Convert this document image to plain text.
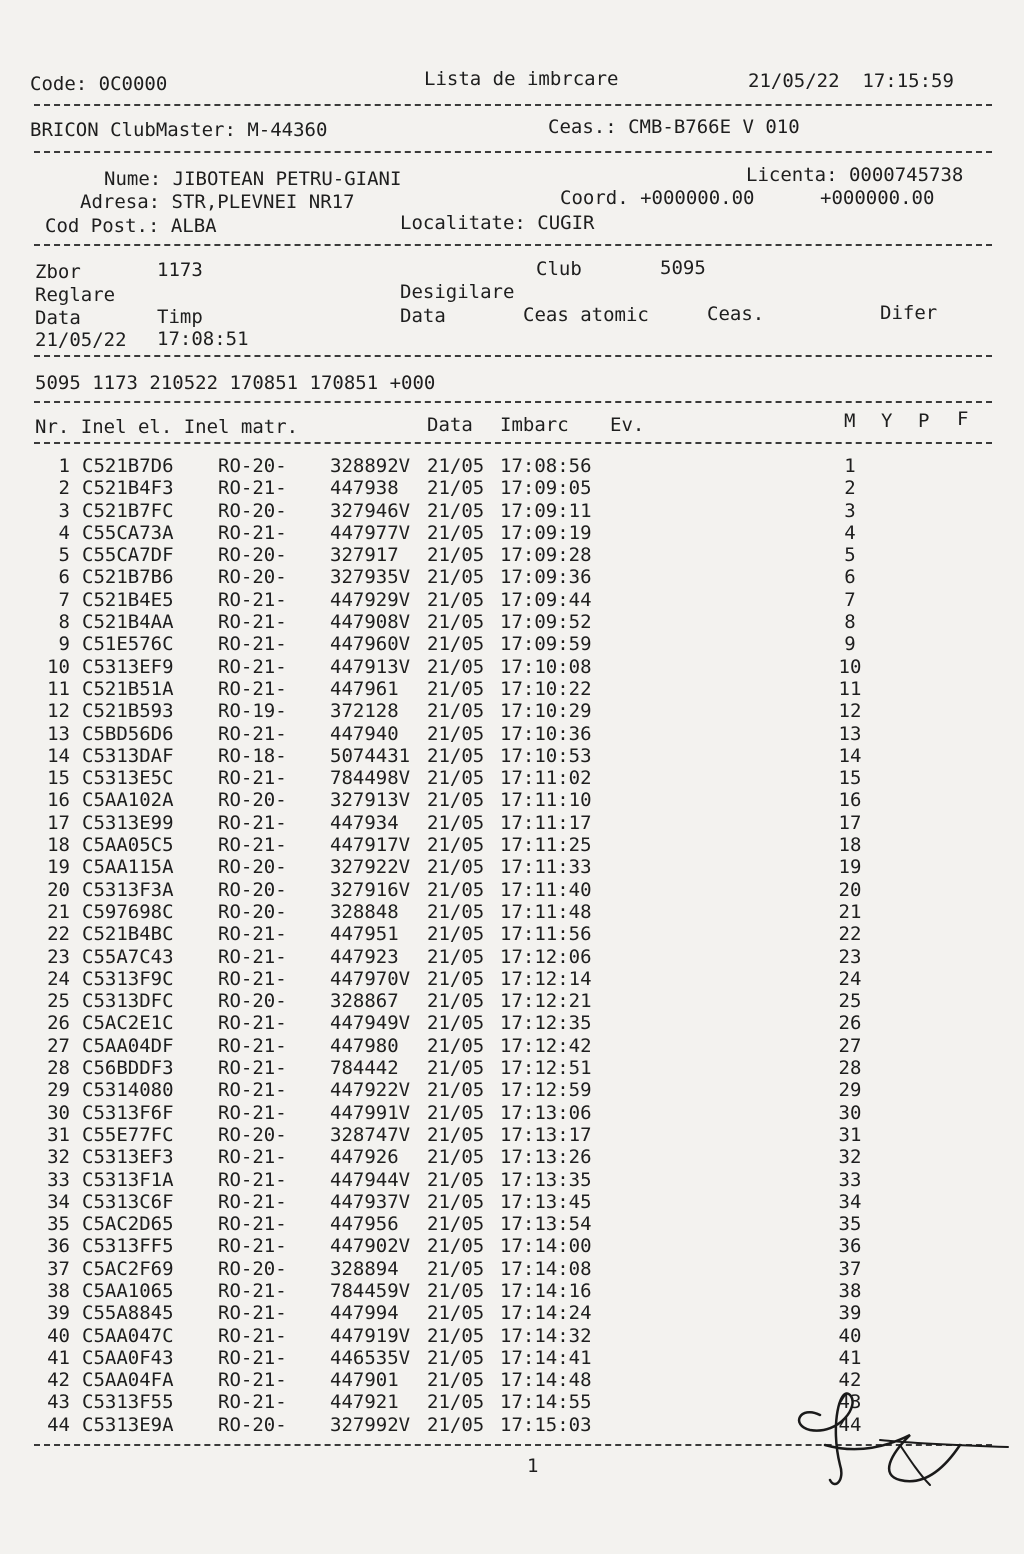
Code: 0C0000	Lista de imbrcare	21/05/22  17:15:59
BRICON ClubMaster: M-44360	Ceas.: CMB-B766E V 010
Nume: JIBOTEAN PETRU-GIANI	Licenta: 0000745738
Adresa: STR,PLEVNEI NR17	Coord. +000000.00	+000000.00
Cod Post.: ALBA	Localitate: CUGIR
Zbor	1173	Club	5095
Reglare	Desigilare
Data	Timp	Data	Ceas atomic	Ceas.	Difer
21/05/22 17:08:51
5095 1173 210522 170851 170851 +000
Nr. Inel el. Inel matr.	Data Imbarc Ev.	M Y P F
1 C521B7D6 RO-20- 328892V 21/05 17:08:56	1
2 C521B4F3 RO-21- 447938 21/05 17:09:05	2
3 C521B7FC RO-20- 327946V 21/05 17:09:11	3
4 C55CA73A RO-21- 447977V 21/05 17:09:19	4
5 C55CA7DF RO-20- 327917 21/05 17:09:28	5
6 C521B7B6 RO-20- 327935V 21/05 17:09:36	6
7 C521B4E5 RO-21- 447929V 21/05 17:09:44	7
8 C521B4AA RO-21- 447908V 21/05 17:09:52	8
9 C51E576C RO-21- 447960V 21/05 17:09:59	9
10 C5313EF9 RO-21- 447913V 21/05 17:10:08	10
11 C521B51A RO-21- 447961 21/05 17:10:22	11
12 C521B593 RO-19- 372128 21/05 17:10:29	12
13 C5BD56D6 RO-21- 447940 21/05 17:10:36	13
14 C5313DAF RO-18- 5074431 21/05 17:10:53	14
15 C5313E5C RO-21- 784498V 21/05 17:11:02	15
16 C5AA102A RO-20- 327913V 21/05 17:11:10	16
17 C5313E99 RO-21- 447934 21/05 17:11:17	17
18 C5AA05C5 RO-21- 447917V 21/05 17:11:25	18
19 C5AA115A RO-20- 327922V 21/05 17:11:33	19
20 C5313F3A RO-20- 327916V 21/05 17:11:40	20
21 C597698C RO-20- 328848 21/05 17:11:48	21
22 C521B4BC RO-21- 447951 21/05 17:11:56	22
23 C55A7C43 RO-21- 447923 21/05 17:12:06	23
24 C5313F9C RO-21- 447970V 21/05 17:12:14	24
25 C5313DFC RO-20- 328867 21/05 17:12:21	25
26 C5AC2E1C RO-21- 447949V 21/05 17:12:35	26
27 C5AA04DF RO-21- 447980 21/05 17:12:42	27
28 C56BDDF3 RO-21- 784442 21/05 17:12:51	28
29 C5314080 RO-21- 447922V 21/05 17:12:59	29
30 C5313F6F RO-21- 447991V 21/05 17:13:06	30
31 C55E77FC RO-20- 328747V 21/05 17:13:17	31
32 C5313EF3 RO-21- 447926 21/05 17:13:26	32
33 C5313F1A RO-21- 447944V 21/05 17:13:35	33
34 C5313C6F RO-21- 447937V 21/05 17:13:45	34
35 C5AC2D65 RO-21- 447956 21/05 17:13:54	35
36 C5313FF5 RO-21- 447902V 21/05 17:14:00	36
37 C5AC2F69 RO-20- 328894 21/05 17:14:08	37
38 C5AA1065 RO-21- 784459V 21/05 17:14:16	38
39 C55A8845 RO-21- 447994 21/05 17:14:24	39
40 C5AA047C RO-21- 447919V 21/05 17:14:32	40
41 C5AA0F43 RO-21- 446535V 21/05 17:14:41	41
42 C5AA04FA RO-21- 447901 21/05 17:14:48	42
43 C5313F55 RO-21- 447921 21/05 17:14:55	43
44 C5313E9A RO-20- 327992V 21/05 17:15:03	44
1
